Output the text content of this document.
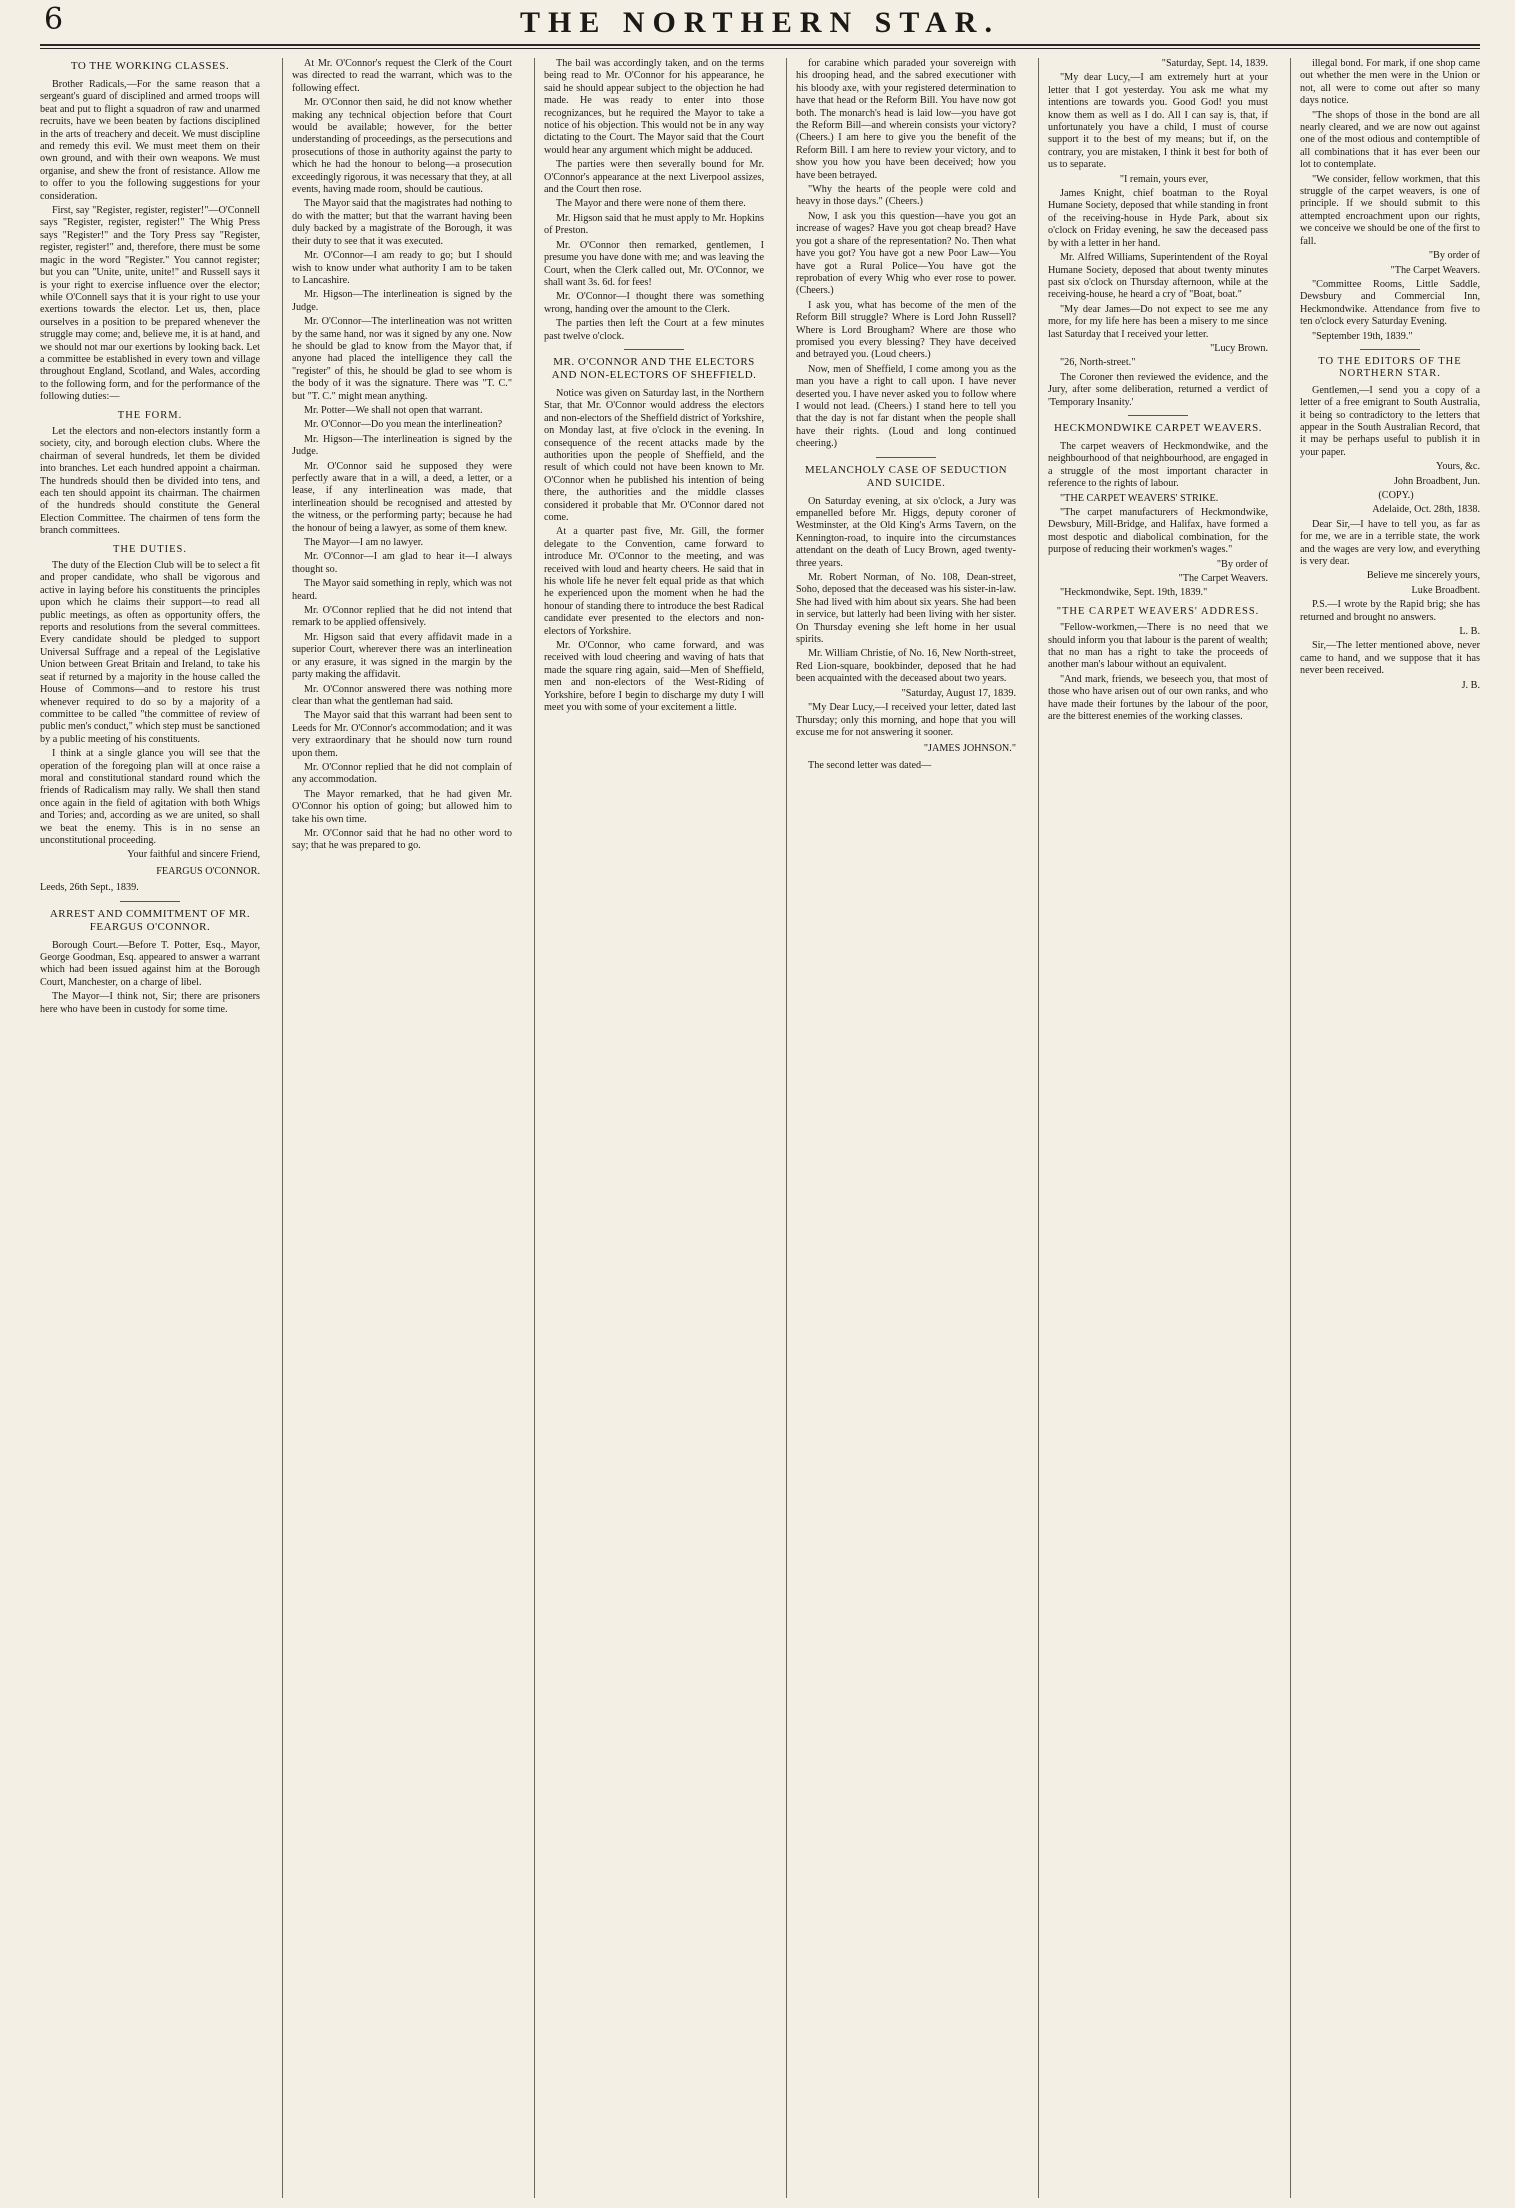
6	THE NORTHERN STAR.
TO THE WORKING CLASSES.

Brother Radicals,—For the same reason that a sergeant's guard of disciplined and armed troops will beat and put to flight a squadron of raw and unarmed recruits, have we been beaten by factions disciplined in the arts of treachery and deceit. We must discipline and remedy this evil. We must meet them on their own ground, and with their own weapons. We must organise, and shew the front of resistance. Allow me to offer to you the following suggestions for your consideration.

First, say "Register, register, register!"—O'Connell says "Register, register, register!" The Whig Press says "Register!" and the Tory Press say "Register, register, register!" and, therefore, there must be some magic in the word "Register." You cannot register; but you can "Unite, unite, unite!" and Russell says it is your right to exercise influence over the elector; while O'Connell says that it is your right to use your exertions towards the elector. Let us, then, place ourselves in a position to be prepared whenever the struggle may come; and, believe me, it is at hand, and we should not mar our exertions by looking back. Let a committee be established in every town and village throughout England, Scotland, and Wales, according to the following form, and for the performance of the following duties:—

THE FORM.

Let the electors and non-electors instantly form a society, city, and borough election clubs. Where the chairman of several hundreds, let them be divided into branches. Let each hundred appoint a chairman. The hundreds should then be divided into tens, and each ten should appoint its chairman. The chairmen of the hundreds should constitute the General Election Committee. The chairmen of tens form the branch committees.

THE DUTIES.

The duty of the Election Club will be to select a fit and proper candidate, who shall be vigorous and active in laying before his constituents the principles upon which he claims their support—to read all public meetings, as often as opportunity offers, the reports and resolutions from the several committees. Every candidate should be pledged to support Universal Suffrage and a repeal of the Legislative Union between Great Britain and Ireland, to take his seat if returned by a majority in the house called the House of Commons—and to restore his trust whenever required to do so by a majority of a committee to be called "the committee of review of public men's conduct," which step must be sanctioned by a public meeting of his constituents.

I think at a single glance you will see that the operation of the foregoing plan will at once raise a moral and constitutional standard round which the friends of Radicalism may rally. We shall then stand once again in the field of agitation with both Whigs and Tories; and, according as we are united, so shall we beat the enemy. This is in no sense an unconstitutional proceeding.

Your faithful and sincere Friend,

FEARGUS O'CONNOR.
Leeds, 26th Sept., 1839.
ARREST AND COMMITMENT OF MR. FEARGUS O'CONNOR.

Borough Court.—Before T. Potter, Esq., Mayor, George Goodman, Esq. appeared to answer a warrant which had been issued against him at the Borough Court, Manchester, on a charge of libel.

The Mayor—I think not, Sir; there are prisoners here who have been in custody for some time.

At Mr. O'Connor's request the Clerk of the Court was directed to read the warrant, which was to the following effect.

Mr. O'Connor then said, he did not know whether making any technical objection before that Court would be available; however, for the better understanding of proceedings, as the persecutions and prosecutions of those in authority against the party to which he had the honour to belong—a prosecution exceedingly rigorous, it was necessary that they, at all events, having made room, should be cautious.

The Mayor said that the magistrates had nothing to do with the matter; but that the warrant having been duly backed by a magistrate of the Borough, it was their duty to see that it was executed.

Mr. O'Connor—I am ready to go; but I should wish to know under what authority I am to be taken to Lancashire.

Mr. Higson—The interlineation is signed by the Judge.

Mr. O'Connor—The interlineation was not written by the same hand, nor was it signed by any one. Now he should be glad to know from the Mayor that, if anyone had placed the intelligence they call the "register" of this, he should be glad to see whom is the body of it was the signature. There was "T. C." but "T. C." might mean anything.

Mr. Potter—We shall not open that warrant.

Mr. O'Connor—Do you mean the interlineation?

Mr. Higson—The interlineation is signed by the Judge.

Mr. O'Connor said he supposed they were perfectly aware that in a will, a deed, a letter, or a lease, if any interlineation was made, that interlineation should be recognised and attested by the witness, or the performing party; because he had the honour of being a lawyer, as some of them knew.

The Mayor—I am no lawyer.

Mr. O'Connor—I am glad to hear it—I always thought so.

The Mayor said something in reply, which was not heard.

Mr. O'Connor replied that he did not intend that remark to be applied offensively.

Mr. Higson said that every affidavit made in a superior Court, wherever there was an interlineation or any erasure, it was signed in the margin by the party making the affidavit.

Mr. O'Connor answered there was nothing more clear than what the gentleman had said.

The Mayor said that this warrant had been sent to Leeds for Mr. O'Connor's accommodation; and it was very extraordinary that he should now turn round upon them.

Mr. O'Connor replied that he did not complain of any accommodation.

The Mayor remarked, that he had given Mr. O'Connor his option of going; but allowed him to take his own time.

Mr. O'Connor said that he had no other word to say; that he was prepared to go.

The bail was accordingly taken, and on the terms being read to Mr. O'Connor for his appearance, he said he should appear subject to the objection he had made. He was ready to enter into those recognizances, but he required the Mayor to take a notice of his objection. This would not be in any way dictating to the Court. The Mayor said that the Court would hear any argument which might be adduced.

The parties were then severally bound for Mr. O'Connor's appearance at the next Liverpool assizes, and the Court then rose.

The Mayor and there were none of them there.

Mr. Higson said that he must apply to Mr. Hopkins of Preston.

Mr. O'Connor then remarked, gentlemen, I presume you have done with me; and was leaving the Court, when the Clerk called out, Mr. O'Connor, we shall want 3s. 6d. for fees!

Mr. O'Connor—I thought there was something wrong, handing over the amount to the Clerk.

The parties then left the Court at a few minutes past twelve o'clock.

MR. O'CONNOR AND THE ELECTORS AND NON-ELECTORS OF SHEFFIELD.

Notice was given on Saturday last, in the Northern Star, that Mr. O'Connor would address the electors and non-electors of the Sheffield district of Yorkshire, on Monday last, at five o'clock in the evening. In consequence of the recent attacks made by the authorities upon the people of Sheffield, and the result of which could not have been known to Mr. O'Connor when he published his intention of being there, the authorities and the middle classes considered it probable that Mr. O'Connor dared not come.

At a quarter past five, Mr. Gill, the former delegate to the Convention, came forward to introduce Mr. O'Connor to the meeting, and was received with loud and hearty cheers. He said that in his whole life he never felt equal pride as that which he experienced upon the moment when he had the honour of standing there to introduce the best Radical candidate ever presented to the electors and non-electors of Yorkshire.

Mr. O'Connor, who came forward, and was received with loud cheering and waving of hats that made the square ring again, said—Men of Sheffield, men and non-electors of the West-Riding of Yorkshire, before I begin to discharge my duty I will meet you with some of your excitement a little.

for carabine which paraded your sovereign with his drooping head, and the sabred executioner with his bloody axe, with your registered determination to have that head or the Reform Bill. You have now got both. The monarch's head is laid low—you have got the Reform Bill—and wherein consists your victory? (Cheers.) I am here to give you the benefit of the Reform Bill. I am here to review your victory, and to show you how you have been deceived; how you have been betrayed.

"Why the hearts of the people were cold and heavy in those days." (Cheers.)

Now, I ask you this question—have you got an increase of wages? Have you got cheap bread? Have you got a share of the representation? No. Then what have you got? You have got a new Poor Law—You have got a Rural Police—You have got the reprobation of every Whig who ever rose to power. (Cheers.)

I ask you, what has become of the men of the Reform Bill struggle? Where is Lord John Russell? Where is Lord Brougham? Where are those who promised you every blessing? They have deceived and betrayed you. (Loud cheers.)

Now, men of Sheffield, I come among you as the man you have a right to call upon. I have never deserted you. I have never asked you to follow where I would not lead. (Cheers.) I stand here to tell you that the day is not far distant when the people shall have their rights. (Loud and long continued cheering.)

MELANCHOLY CASE OF SEDUCTION AND SUICIDE.

On Saturday evening, at six o'clock, a Jury was empanelled before Mr. Higgs, deputy coroner of Westminster, at the Old King's Arms Tavern, on the Kennington-road, to inquire into the circumstances attendant on the death of Lucy Brown, aged twenty-three years.

Mr. Robert Norman, of No. 108, Dean-street, Soho, deposed that the deceased was his sister-in-law. She had lived with him about six years. She had been in service, but latterly had been living with her sister. On Thursday evening she left home in her usual spirits.

Mr. William Christie, of No. 16, New North-street, Red Lion-square, bookbinder, deposed that he had been acquainted with the deceased about two years.

"Saturday, August 17, 1839.

"My Dear Lucy,—I received your letter, dated last Thursday; only this morning, and hope that you will excuse me for not answering it sooner.

"JAMES JOHNSON."

The second letter was dated—

"Saturday, Sept. 14, 1839.

"My dear Lucy,—I am extremely hurt at your letter that I got yesterday. You ask me what my intentions are towards you. Good God! you must know them as well as I do. All I can say is, that, if unfortunately you have a child, I must of course support it to the best of my means; but if, on the contrary, you are mistaken, I think it best for both of us to separate.

"I remain, yours ever,

James Knight, chief boatman to the Royal Humane Society, deposed that while standing in front of the receiving-house in Hyde Park, about six o'clock on Friday evening, he saw the deceased pass by with a letter in her hand.

Mr. Alfred Williams, Superintendent of the Royal Humane Society, deposed that about twenty minutes past six o'clock on Thursday afternoon, while at the receiving-house, he heard a cry of "Boat, boat."

"My dear James—Do not expect to see me any more, for my life here has been a misery to me since last Saturday that I received your letter.

"Lucy Brown.

"26, North-street."

The Coroner then reviewed the evidence, and the Jury, after some deliberation, returned a verdict of 'Temporary Insanity.'

HECKMONDWIKE CARPET WEAVERS.

The carpet weavers of Heckmondwike, and the neighbourhood of that neighbourhood, are engaged in a struggle of the most important character in reference to the rights of labour.

"THE CARPET WEAVERS' STRIKE.

"The carpet manufacturers of Heckmondwike, Dewsbury, Mill-Bridge, and Halifax, have formed a most despotic and diabolical combination, for the purpose of reducing their workmen's wages."

"By order of

"The Carpet Weavers.

"Heckmondwike, Sept. 19th, 1839."

"THE CARPET WEAVERS' ADDRESS.

"Fellow-workmen,—There is no need that we should inform you that labour is the parent of wealth; that no man has a right to take the proceeds of another man's labour without an equivalent.

"And mark, friends, we beseech you, that most of those who have arisen out of our own ranks, and who have made their fortunes by the labour of the poor, are the bitterest enemies of the working classes.

illegal bond. For mark, if one shop came out whether the men were in the Union or not, all were to come out after so many days notice.

"The shops of those in the bond are all nearly cleared, and we are now out against one of the most odious and contemptible of all combinations that it has ever been our lot to contemplate.

"We consider, fellow workmen, that this struggle of the carpet weavers, is one of principle. If we should submit to this attempted encroachment upon our rights, we conceive we should be one of the first to fall.

"By order of

"The Carpet Weavers.

"Committee Rooms, Little Saddle, Dewsbury and Commercial Inn, Heckmondwike. Attendance from five to ten o'clock every Saturday Evening.

"September 19th, 1839."

TO THE EDITORS OF THE NORTHERN STAR.

Gentlemen,—I send you a copy of a letter of a free emigrant to South Australia, it being so contradictory to the letters that appear in the South Australian Record, that it may be perhaps useful to publish it in your paper.

Yours, &c.

John Broadbent, Jun.

(COPY.)

Adelaide, Oct. 28th, 1838.

Dear Sir,—I have to tell you, as far as for me, we are in a terrible state, the work and the wages are very low, and everything is very dear.

Believe me sincerely yours,

Luke Broadbent.

P.S.—I wrote by the Rapid brig; she has returned and brought no answers.

L. B.

Sir,—The letter mentioned above, never came to hand, and we suppose that it has never been received.

J. B.
